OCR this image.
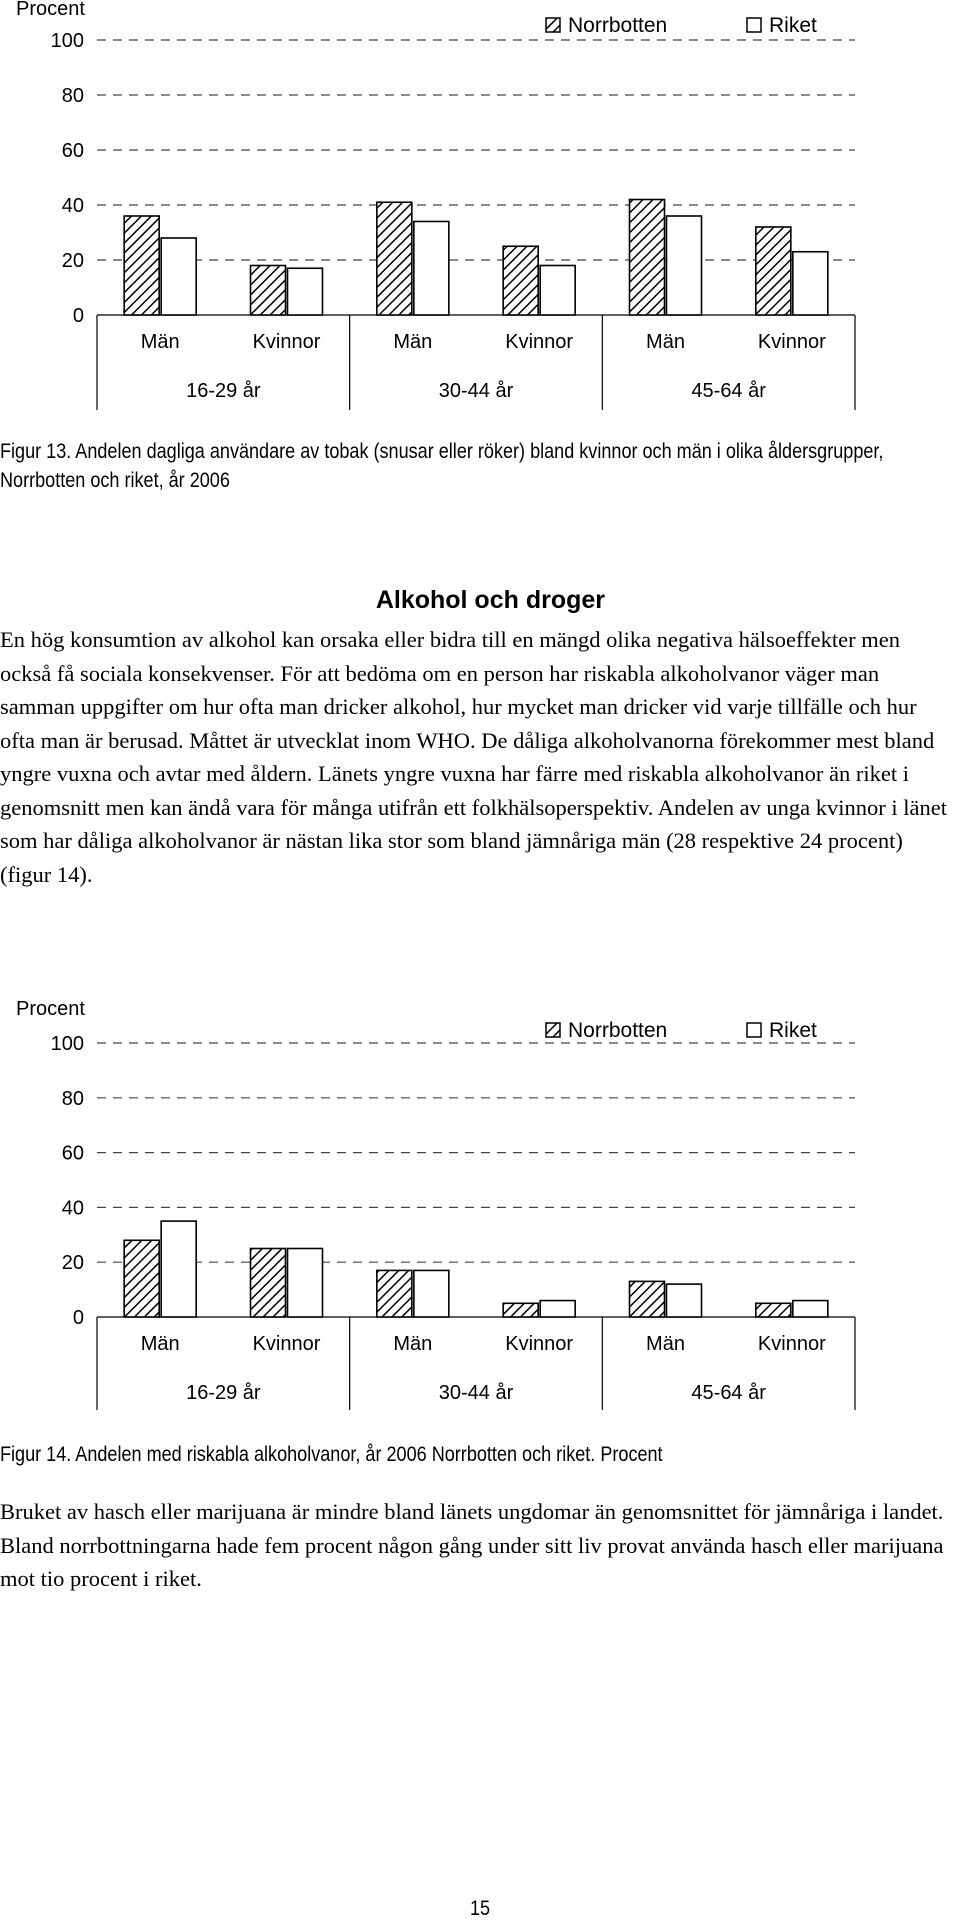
Procent
0
20
40
60
80
100
Män	Kvinnor	Män	Kvinnor	Män	Kvinnor
16-29 år	30-44 år	45-64 år
Norrbotten	Riket
Figur 13. Andelen dagliga användare av tobak (snusar eller röker) bland kvinnor och män i olika åldersgrupper, Norrbotten och riket, år 2006
Alkohol och droger
En hög konsumtion av alkohol kan orsaka eller bidra till en mängd olika negativa hälsoeffekter men också få sociala konsekvenser. För att bedöma om en person har riskabla alkoholvanor väger man samman uppgifter om hur ofta man dricker alkohol, hur mycket man dricker vid varje tillfälle och hur ofta man är berusad. Måttet är utvecklat inom WHO. De dåliga alkoholvanorna förekommer mest bland yngre vuxna och avtar med åldern. Länets yngre vuxna har färre med riskabla alkoholvanor än riket i genomsnitt men kan ändå vara för många utifrån ett folkhälsoperspektiv. Andelen av unga kvinnor i länet som har dåliga alkoholvanor är nästan lika stor som bland jämnåriga män (28 respektive 24 procent)(figur 14).
Procent
0
20
40
60
80
100
Män	Kvinnor	Män	Kvinnor	Män	Kvinnor
16-29 år	30-44 år	45-64 år
Norrbotten	Riket
Figur 14. Andelen med riskabla alkoholvanor, år 2006 Norrbotten och riket. Procent
Bruket av hasch eller marijuana är mindre bland länets ungdomar än genomsnittet för jämnåriga i landet. Bland norrbottningarna hade fem procent någon gång under sitt liv provat använda hasch eller marijuana mot tio procent i riket.
15
